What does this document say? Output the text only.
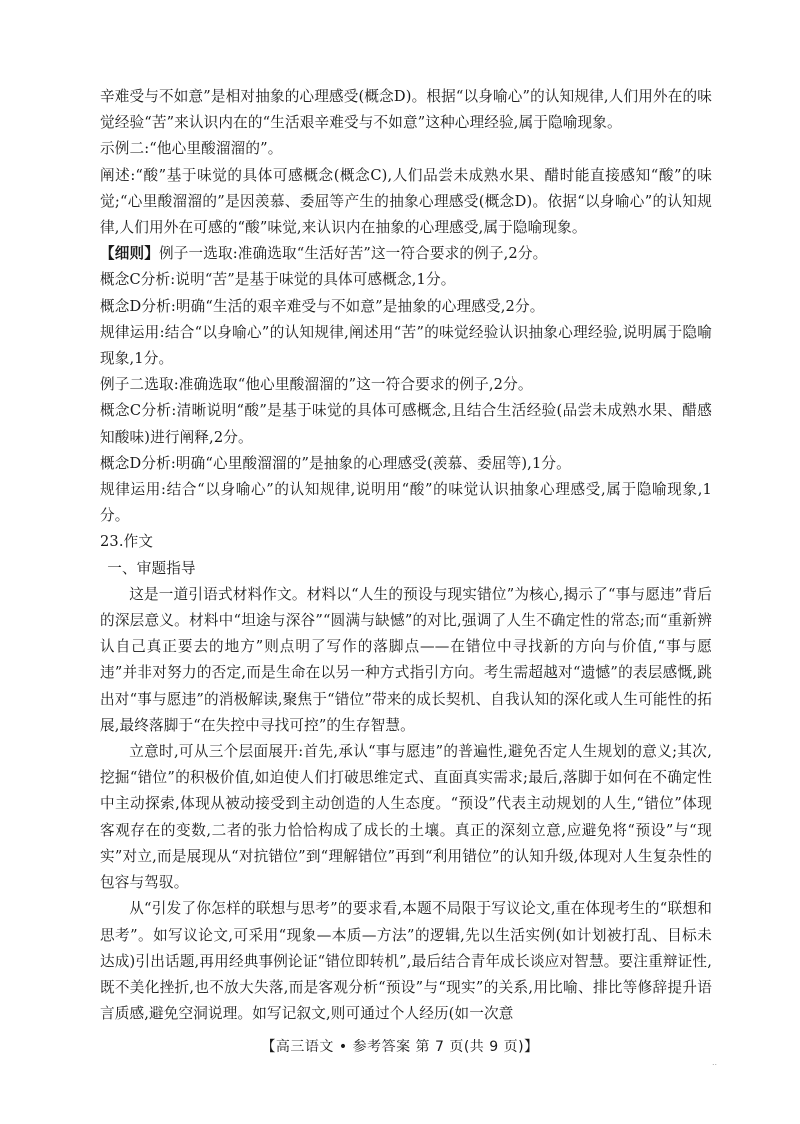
辛难受与不如意”是相对抽象的心理感受(概念D)。根据“以身喻心”的认知规律,人们用外在的味觉经验“苦”来认识内在的“生活艰辛难受与不如意”这种心理经验,属于隐喻现象。

示例二:“他心里酸溜溜的”。

阐述:“酸”基于味觉的具体可感概念(概念C),人们品尝未成熟水果、醋时能直接感知“酸”的味觉;“心里酸溜溜的”是因羡慕、委屈等产生的抽象心理感受(概念D)。依据“以身喻心”的认知规律,人们用外在可感的“酸”味觉,来认识内在抽象的心理感受,属于隐喻现象。

【细则】例子一选取:准确选取“生活好苦”这一符合要求的例子,2分。

概念C分析:说明“苦”是基于味觉的具体可感概念,1分。

概念D分析:明确“生活的艰辛难受与不如意”是抽象的心理感受,2分。

规律运用:结合“以身喻心”的认知规律,阐述用“苦”的味觉经验认识抽象心理经验,说明属于隐喻现象,1分。

例子二选取:准确选取“他心里酸溜溜的”这一符合要求的例子,2分。

概念C分析:清晰说明“酸”是基于味觉的具体可感概念,且结合生活经验(品尝未成熟水果、醋感知酸味)进行阐释,2分。

概念D分析:明确“心里酸溜溜的”是抽象的心理感受(羡慕、委屈等),1分。

规律运用:结合“以身喻心”的认知规律,说明用“酸”的味觉认识抽象心理感受,属于隐喻现象,1分。

23.作文

一、审题指导

这是一道引语式材料作文。材料以“人生的预设与现实错位”为核心,揭示了“事与愿违”背后的深层意义。材料中“坦途与深谷”“圆满与缺憾”的对比,强调了人生不确定性的常态;而“重新辨认自己真正要去的地方”则点明了写作的落脚点——在错位中寻找新的方向与价值,“事与愿违”并非对努力的否定,而是生命在以另一种方式指引方向。考生需超越对“遗憾”的表层感慨,跳出对“事与愿违”的消极解读,聚焦于“错位”带来的成长契机、自我认知的深化或人生可能性的拓展,最终落脚于“在失控中寻找可控”的生存智慧。

立意时,可从三个层面展开:首先,承认“事与愿违”的普遍性,避免否定人生规划的意义;其次,挖掘“错位”的积极价值,如迫使人们打破思维定式、直面真实需求;最后,落脚于如何在不确定性中主动探索,体现从被动接受到主动创造的人生态度。“预设”代表主动规划的人生,“错位”体现客观存在的变数,二者的张力恰恰构成了成长的土壤。真正的深刻立意,应避免将“预设”与“现实”对立,而是展现从“对抗错位”到“理解错位”再到“利用错位”的认知升级,体现对人生复杂性的包容与驾驭。

从“引发了你怎样的联想与思考”的要求看,本题不局限于写议论文,重在体现考生的“联想和思考”。如写议论文,可采用“现象—本质—方法”的逻辑,先以生活实例(如计划被打乱、目标未达成)引出话题,再用经典事例论证“错位即转机”,最后结合青年成长谈应对智慧。要注重辩证性,既不美化挫折,也不放大失落,而是客观分析“预设”与“现实”的关系,用比喻、排比等修辞提升语言质感,避免空洞说理。如写记叙文,则可通过个人经历(如一次意

【高三语文 • 参考答案 第 7 页(共 9 页)】
..
